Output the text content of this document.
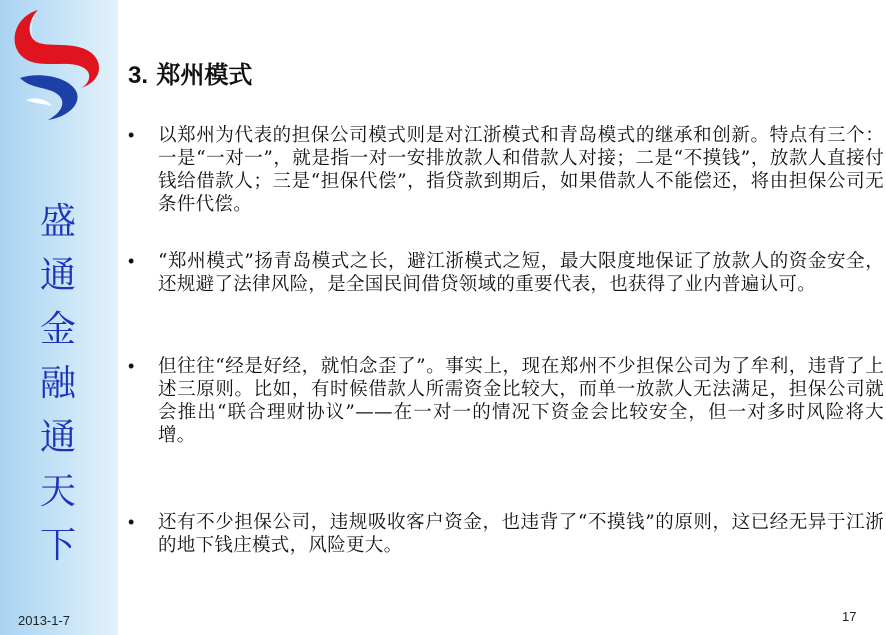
盛
通
金
融
通
天
下
2013-1-7
3. 郑州模式
• 以郑州为代表的担保公司模式则是对江浙模式和青岛模式的继承和创新。特点有三个：一是“一对一”，就是指一对一安排放款人和借款人对接；二是“不摸钱”，放款人直接付钱给借款人；三是“担保代偿”，指贷款到期后，如果借款人不能偿还，将由担保公司无条件代偿。
• “郑州模式”扬青岛模式之长，避江浙模式之短，最大限度地保证了放款人的资金安全，还规避了法律风险，是全国民间借贷领域的重要代表，也获得了业内普遍认可。
• 但往往“经是好经，就怕念歪了”。事实上，现在郑州不少担保公司为了牟利，违背了上述三原则。比如，有时候借款人所需资金比较大，而单一放款人无法满足，担保公司就会推出“联合理财协议”——在一对一的情况下资金会比较安全，但一对多时风险将大增。
• 还有不少担保公司，违规吸收客户资金，也违背了“不摸钱”的原则，这已经无异于江浙的地下钱庄模式，风险更大。
17
